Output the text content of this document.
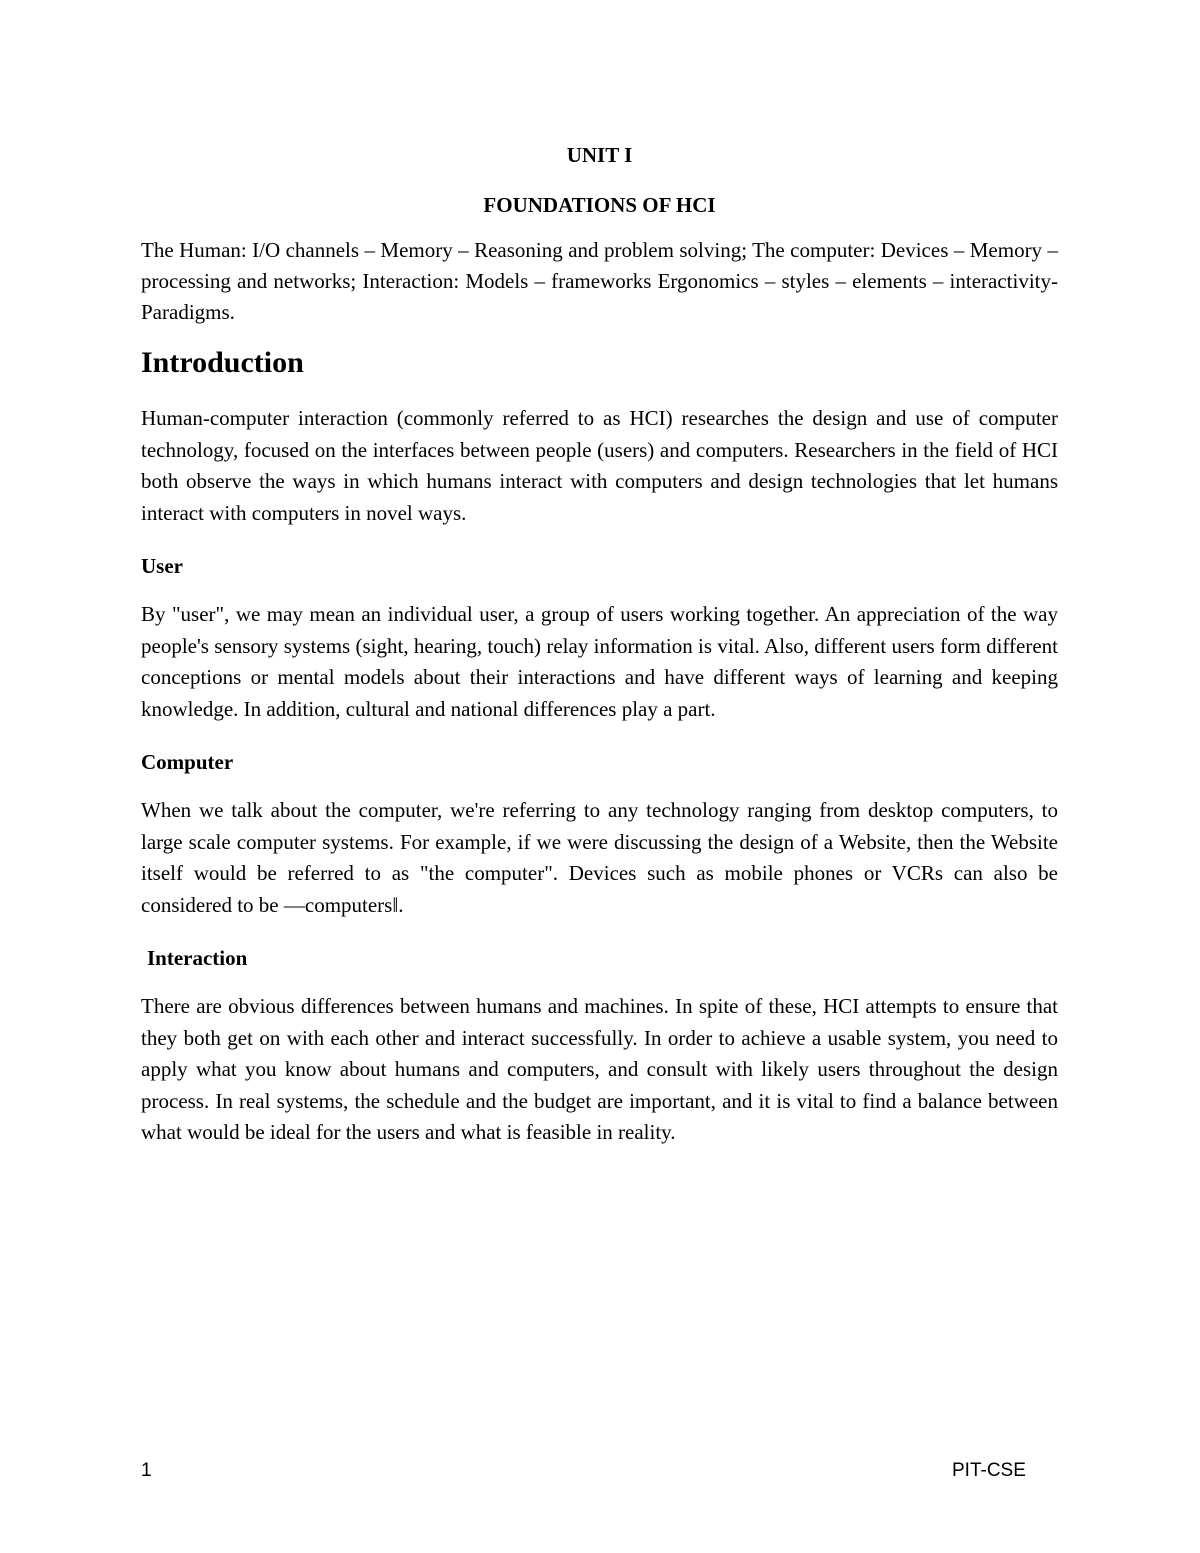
UNIT I

FOUNDATIONS OF HCI

The Human: I/O channels – Memory – Reasoning and problem solving; The computer: Devices – Memory – processing and networks; Interaction: Models – frameworks Ergonomics – styles – elements – interactivity- Paradigms.

Introduction

Human-computer interaction (commonly referred to as HCI) researches the design and use of computer technology, focused on the interfaces between people (users) and computers. Researchers in the field of HCI both observe the ways in which humans interact with computers and design technologies that let humans interact with computers in novel ways.

User

By "user", we may mean an individual user, a group of users working together. An appreciation of the way people's sensory systems (sight, hearing, touch) relay information is vital. Also, different users form different conceptions or mental models about their interactions and have different ways of learning and keeping knowledge. In addition, cultural and national differences play a part.

Computer

When we talk about the computer, we're referring to any technology ranging from desktop computers, to large scale computer systems. For example, if we were discussing the design of a Website, then the Website itself would be referred to as "the computer". Devices such as mobile phones or VCRs can also be considered to be —computers‖.

Interaction

There are obvious differences between humans and machines. In spite of these, HCI attempts to ensure that they both get on with each other and interact successfully. In order to achieve a usable system, you need to apply what you know about humans and computers, and consult with likely users throughout the design process. In real systems, the schedule and the budget are important, and it is vital to find a balance between what would be ideal for the users and what is feasible in reality.

1	PIT-CSE
